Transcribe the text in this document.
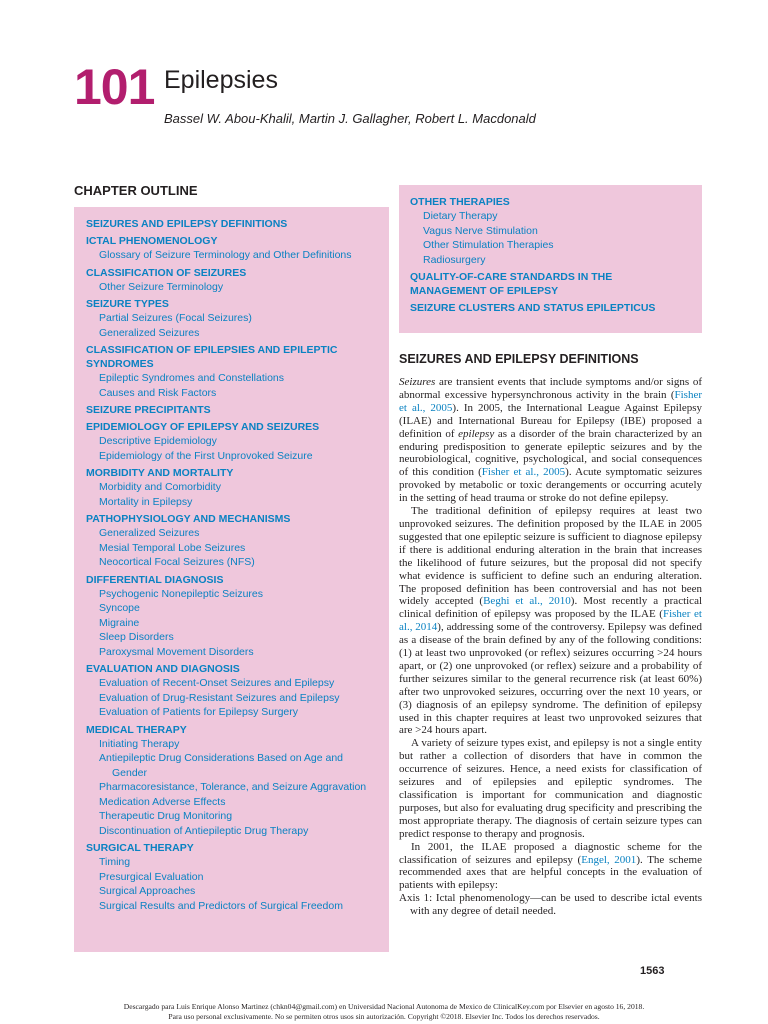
101 Epilepsies
Bassel W. Abou-Khalil, Martin J. Gallagher, Robert L. Macdonald
CHAPTER OUTLINE
SEIZURES AND EPILEPSY DEFINITIONS
ICTAL PHENOMENOLOGY
Glossary of Seizure Terminology and Other Definitions
CLASSIFICATION OF SEIZURES
Other Seizure Terminology
SEIZURE TYPES
Partial Seizures (Focal Seizures)
Generalized Seizures
CLASSIFICATION OF EPILEPSIES AND EPILEPTIC SYNDROMES
Epileptic Syndromes and Constellations
Causes and Risk Factors
SEIZURE PRECIPITANTS
EPIDEMIOLOGY OF EPILEPSY AND SEIZURES
Descriptive Epidemiology
Epidemiology of the First Unprovoked Seizure
MORBIDITY AND MORTALITY
Morbidity and Comorbidity
Mortality in Epilepsy
PATHOPHYSIOLOGY AND MECHANISMS
Generalized Seizures
Mesial Temporal Lobe Seizures
Neocortical Focal Seizures (NFS)
DIFFERENTIAL DIAGNOSIS
Psychogenic Nonepileptic Seizures
Syncope
Migraine
Sleep Disorders
Paroxysmal Movement Disorders
EVALUATION AND DIAGNOSIS
Evaluation of Recent-Onset Seizures and Epilepsy
Evaluation of Drug-Resistant Seizures and Epilepsy
Evaluation of Patients for Epilepsy Surgery
MEDICAL THERAPY
Initiating Therapy
Antiepileptic Drug Considerations Based on Age and Gender
Pharmacoresistance, Tolerance, and Seizure Aggravation
Medication Adverse Effects
Therapeutic Drug Monitoring
Discontinuation of Antiepileptic Drug Therapy
SURGICAL THERAPY
Timing
Presurgical Evaluation
Surgical Approaches
Surgical Results and Predictors of Surgical Freedom
OTHER THERAPIES
Dietary Therapy
Vagus Nerve Stimulation
Other Stimulation Therapies
Radiosurgery
QUALITY-OF-CARE STANDARDS IN THE MANAGEMENT OF EPILEPSY
SEIZURE CLUSTERS AND STATUS EPILEPTICUS
SEIZURES AND EPILEPSY DEFINITIONS

Seizures are transient events that include symptoms and/or signs of abnormal excessive hypersynchronous activity in the brain (Fisher et al., 2005). In 2005, the International League Against Epilepsy (ILAE) and International Bureau for Epilepsy (IBE) proposed a definition of epilepsy as a disorder of the brain characterized by an enduring predisposition to generate epileptic seizures and by the neurobiological, cognitive, psychological, and social consequences of this condition (Fisher et al., 2005). Acute symptomatic seizures provoked by metabolic or toxic derangements or occurring acutely in the setting of head trauma or stroke do not define epilepsy.

The traditional definition of epilepsy requires at least two unprovoked seizures. The definition proposed by the ILAE in 2005 suggested that one epileptic seizure is sufficient to diagnose epilepsy if there is additional enduring alteration in the brain that increases the likelihood of future seizures, but the proposal did not specify what evidence is sufficient to define such an enduring alteration. The proposed definition has been controversial and has not been widely accepted (Beghi et al., 2010). Most recently a practical clinical definition of epilepsy was proposed by the ILAE (Fisher et al., 2014), addressing some of the controversy. Epilepsy was defined as a disease of the brain defined by any of the following conditions: (1) at least two unprovoked (or reflex) seizures occurring >24 hours apart, or (2) one unprovoked (or reflex) seizure and a probability of further seizures similar to the general recurrence risk (at least 60%) after two unprovoked seizures, occurring over the next 10 years, or (3) diagnosis of an epilepsy syndrome. The definition of epilepsy used in this chapter requires at least two unprovoked seizures that are >24 hours apart.

A variety of seizure types exist, and epilepsy is not a single entity but rather a collection of disorders that have in common the occurrence of seizures. Hence, a need exists for classification of seizures and of epilepsies and epileptic syndromes. The classification is important for communication and diagnostic purposes, but also for evaluating drug specificity and prescribing the most appropriate therapy. The diagnosis of certain seizure types can predict response to therapy and prognosis.

In 2001, the ILAE proposed a diagnostic scheme for the classification of seizures and epilepsy (Engel, 2001). The scheme recommended axes that are helpful concepts in the evaluation of patients with epilepsy:

Axis 1: Ictal phenomenology—can be used to describe ictal events with any degree of detail needed.

1563
Descargado para Luis Enrique Alonso Martinez (chkn04@gmail.com) en Universidad Nacional Autonoma de Mexico de ClinicalKey.com por Elsevier en agosto 16, 2018.
Para uso personal exclusivamente. No se permiten otros usos sin autorización. Copyright ©2018. Elsevier Inc. Todos los derechos reservados.
